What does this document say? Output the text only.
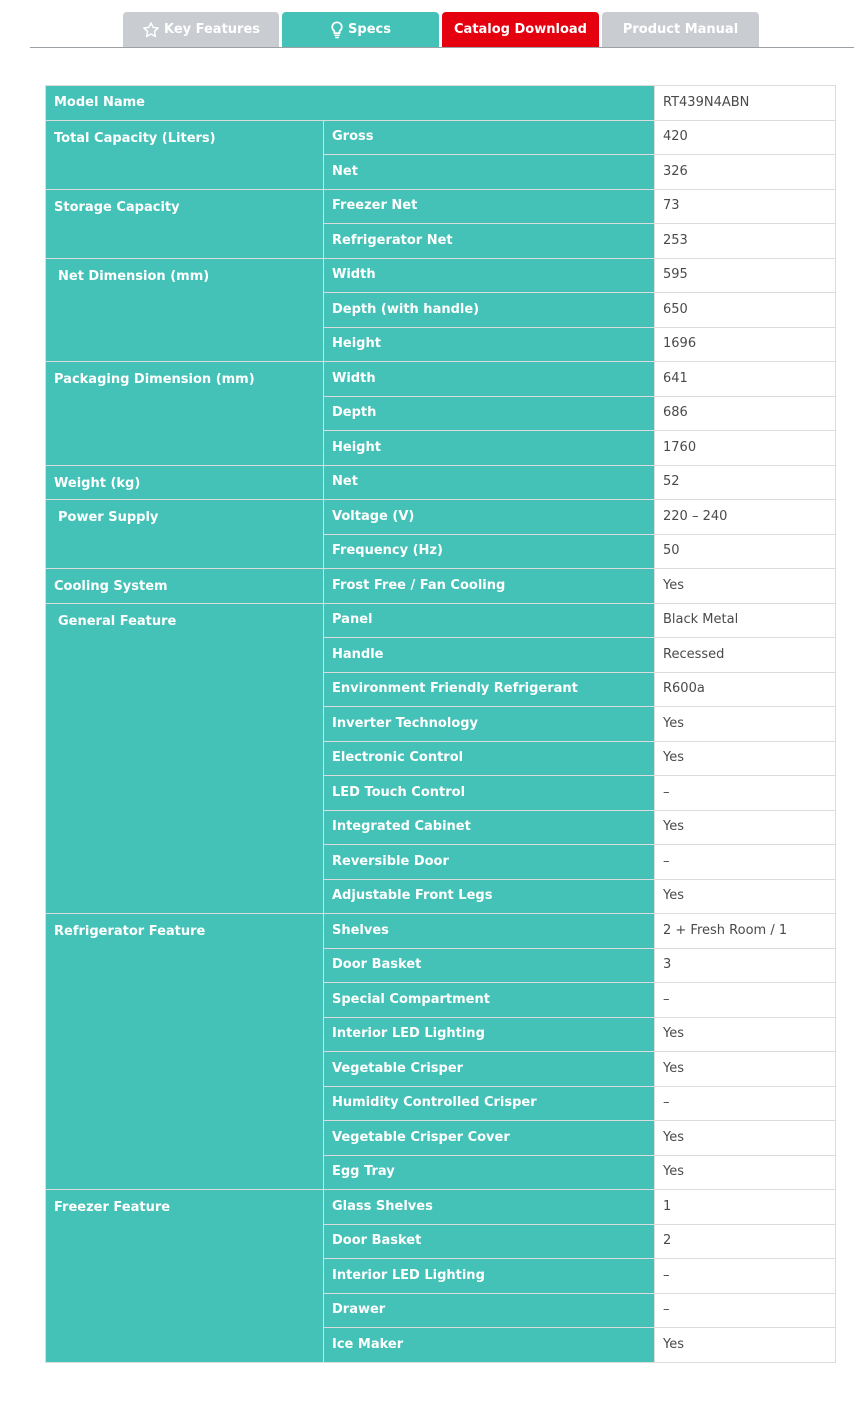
Key Features	Specs	Catalog Download	Product Manual
Model Name		RT439N4ABN
Total Capacity (Liters)	Gross	420
	Net	326
Storage Capacity	Freezer Net	73
	Refrigerator Net	253
Net Dimension (mm)	Width	595
	Depth (with handle)	650
	Height	1696
Packaging Dimension (mm)	Width	641
	Depth	686
	Height	1760
Weight (kg)	Net	52
Power Supply	Voltage (V)	220 – 240
	Frequency (Hz)	50
Cooling System	Frost Free / Fan Cooling	Yes
General Feature	Panel	Black Metal
	Handle	Recessed
	Environment Friendly Refrigerant	R600a
	Inverter Technology	Yes
	Electronic Control	Yes
	LED Touch Control	–
	Integrated Cabinet	Yes
	Reversible Door	–
	Adjustable Front Legs	Yes
Refrigerator Feature	Shelves	2 + Fresh Room / 1
	Door Basket	3
	Special Compartment	–
	Interior LED Lighting	Yes
	Vegetable Crisper	Yes
	Humidity Controlled Crisper	–
	Vegetable Crisper Cover	Yes
	Egg Tray	Yes
Freezer Feature	Glass Shelves	1
	Door Basket	2
	Interior LED Lighting	–
	Drawer	–
	Ice Maker	Yes
